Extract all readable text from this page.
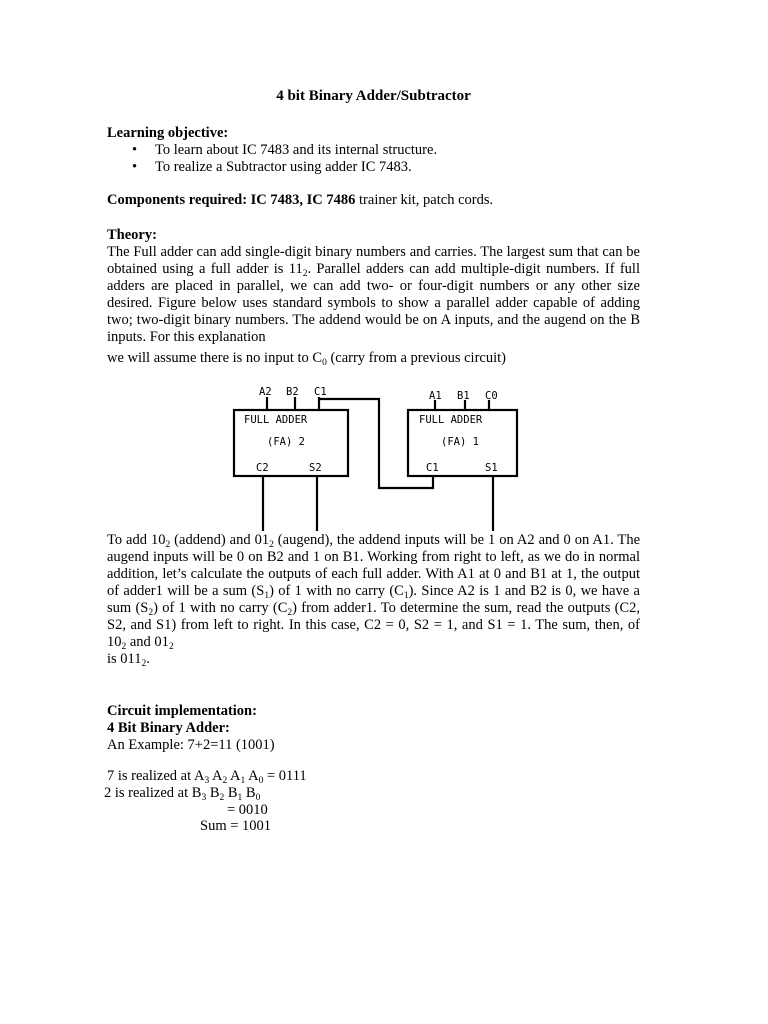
4 bit Binary Adder/Subtractor

Learning objective:

• To learn about IC 7483 and its internal structure.
• To realize a Subtractor using adder IC 7483.

Components required: IC 7483, IC 7486 trainer kit, patch cords.

Theory:

The Full adder can add single-digit binary numbers and carries. The largest sum that can be obtained using a full adder is $11_2$. Parallel adders can add multiple-digit numbers. If full adders are placed in parallel, we can add two- or four-digit numbers or any other size desired. Figure below uses standard symbols to show a parallel adder capable of adding two; two-digit binary numbers. The addend would be on A inputs, and the augend on the B inputs. For this explanation

we will assume there is no input to $C_0$ (carry from a previous circuit)

A2 B2 C1
FULL ADDER
(FA) 2
C2	S2
A1 B1 C0
FULL ADDER
(FA) 1
C1	S1

To add $10_2$ (addend) and $01_2$ (augend), the addend inputs will be 1 on A2 and 0 on A1. The augend inputs will be 0 on B2 and 1 on B1. Working from right to left, as we do in normal addition, let’s calculate the outputs of each full adder. With A1 at 0 and B1 at 1, the output of adder1 will be a sum $(S_1)$ of 1 with no carry $(C_1)$. Since A2 is 1 and B2 is 0, we have a sum $(S_2)$ of 1 with no carry $(C_2)$ from adder1. To determine the sum, read the outputs (C2, S2, and S1) from left to right. In this case, C2 = 0, S2 = 1, and S1 = 1. The sum, then, of $10_2$ and $01_2$

is $011_2$.

Circuit implementation:

4 Bit Binary Adder:

An Example: 7+2=11 (1001)

7 is realized at $A_3$ $A_2$ $A_1$ $A_0 = 0111$

2 is realized at $B_3$ $B_2$ $B_1$ $B_0$

= 0010

Sum = 1001
